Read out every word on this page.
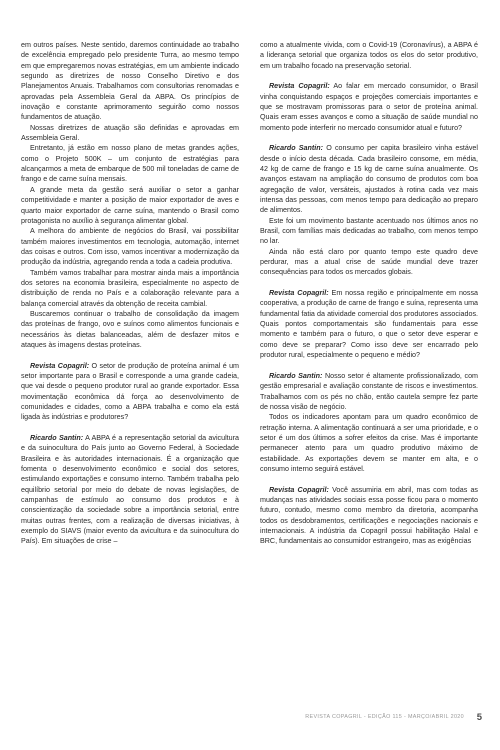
em outros países. Neste sentido, daremos continuidade ao trabalho de excelência empregado pelo presidente Turra, ao mesmo tempo em que empregaremos novas estratégias, em um ambiente indicado segundo as diretrizes de nosso Conselho Diretivo e dos Planejamentos Anuais. Trabalhamos com consultorias renomadas e aprovadas pela Assembleia Geral da ABPA. Os princípios de inovação e constante aprimoramento seguirão como nossos fundamentos de atuação.

Nossas diretrizes de atuação são definidas e aprovadas em Assembleia Geral.

Entretanto, já estão em nosso plano de metas grandes ações, como o Projeto 500K – um conjunto de estratégias para alcançarmos a meta de embarque de 500 mil toneladas de carne de frango e de carne suína mensais.

A grande meta da gestão será auxiliar o setor a ganhar competitividade e manter a posição de maior exportador de aves e quarto maior exportador de carne suína, mantendo o Brasil como protagonista no auxílio à segurança alimentar global.

A melhora do ambiente de negócios do Brasil, vai possibilitar também maiores investimentos em tecnologia, automação, internet das coisas e outros. Com isso, vamos incentivar a modernização da produção da indústria, agregando renda a toda a cadeia produtiva.

Também vamos trabalhar para mostrar ainda mais a importância dos setores na economia brasileira, especialmente no aspecto de distribuição de renda no País e a colaboração relevante para a balança comercial através da obtenção de receita cambial.

Buscaremos continuar o trabalho de consolidação da imagem das proteínas de frango, ovo e suínos como alimentos funcionais e necessários às dietas balanceadas, além de desfazer mitos e ataques às imagens destas proteínas.

Revista Copagril: O setor de produção de proteína animal é um setor importante para o Brasil e corresponde a uma grande cadeia, que vai desde o pequeno produtor rural ao grande exportador. Essa movimentação econômica dá força ao desenvolvimento de comunidades e cidades, como a ABPA trabalha e como ela está ligada às indústrias e produtores?

Ricardo Santin: A ABPA é a representação setorial da avicultura e da suinocultura do País junto ao Governo Federal, à Sociedade Brasileira e às autoridades internacionais. É a organização que fomenta o desenvolvimento econômico e social dos setores, estimulando exportações e consumo interno. Também trabalha pelo equilíbrio setorial por meio do debate de novas legislações, de campanhas de estímulo ao consumo dos produtos e à conscientização da sociedade sobre a importância setorial, entre muitas outras frentes, com a realização de diversas iniciativas, à exemplo do SIAVS (maior evento da avicultura e da suinocultura do País). Em situações de crise –

como a atualmente vivida, com o Covid-19 (Coronavírus), a ABPA é a liderança setorial que organiza todos os elos do setor produtivo, em um trabalho focado na preservação setorial.

Revista Copagril: Ao falar em mercado consumidor, o Brasil vinha conquistando espaços e projeções comerciais importantes e que se mostravam promissoras para o setor de proteína animal. Quais eram esses avanços e como a situação de saúde mundial no momento pode interferir no mercado consumidor atual e futuro?

Ricardo Santin: O consumo per capita brasileiro vinha estável desde o início desta década. Cada brasileiro consome, em média, 42 kg de carne de frango e 15 kg de carne suína anualmente. Os avanços estavam na ampliação do consumo de produtos com boa agregação de valor, versáteis, ajustados à rotina cada vez mais intensa das pessoas, com menos tempo para dedicação ao preparo de alimentos.

Este foi um movimento bastante acentuado nos últimos anos no Brasil, com famílias mais dedicadas ao trabalho, com menos tempo no lar.

Ainda não está claro por quanto tempo este quadro deve perdurar, mas a atual crise de saúde mundial deve trazer consequências para todos os mercados globais.

Revista Copagril: Em nossa região e principalmente em nossa cooperativa, a produção de carne de frango e suína, representa uma fundamental fatia da atividade comercial dos produtores associados. Quais pontos comportamentais são fundamentais para esse momento e também para o futuro, o que o setor deve esperar e como deve se preparar? Como isso deve ser encarrado pelo produtor rural, especialmente o pequeno e médio?

Ricardo Santin: Nosso setor é altamente profissionalizado, com gestão empresarial e avaliação constante de riscos e investimentos. Trabalhamos com os pés no chão, então cautela sempre fez parte de nossa visão de negócio.

Todos os indicadores apontam para um quadro econômico de retração interna. A alimentação continuará a ser uma prioridade, e o setor é um dos últimos a sofrer efeitos da crise. Mas é importante permanecer atento para um quadro produtivo máximo de estabilidade. As exportações devem se manter em alta, e o consumo interno seguirá estável.

Revista Copagril: Você assumiria em abril, mas com todas as mudanças nas atividades sociais essa posse ficou para o momento futuro, contudo, mesmo como membro da diretoria, acompanha todos os desdobramentos, certificações e negociações nacionais e internacionais. A indústria da Copagril possui habilitação Halal e BRC, fundamentais ao consumidor estrangeiro, mas as exigências

REVISTA COPAGRIL - EDIÇÃO 115 - MARÇO/ABRIL 2020 5
